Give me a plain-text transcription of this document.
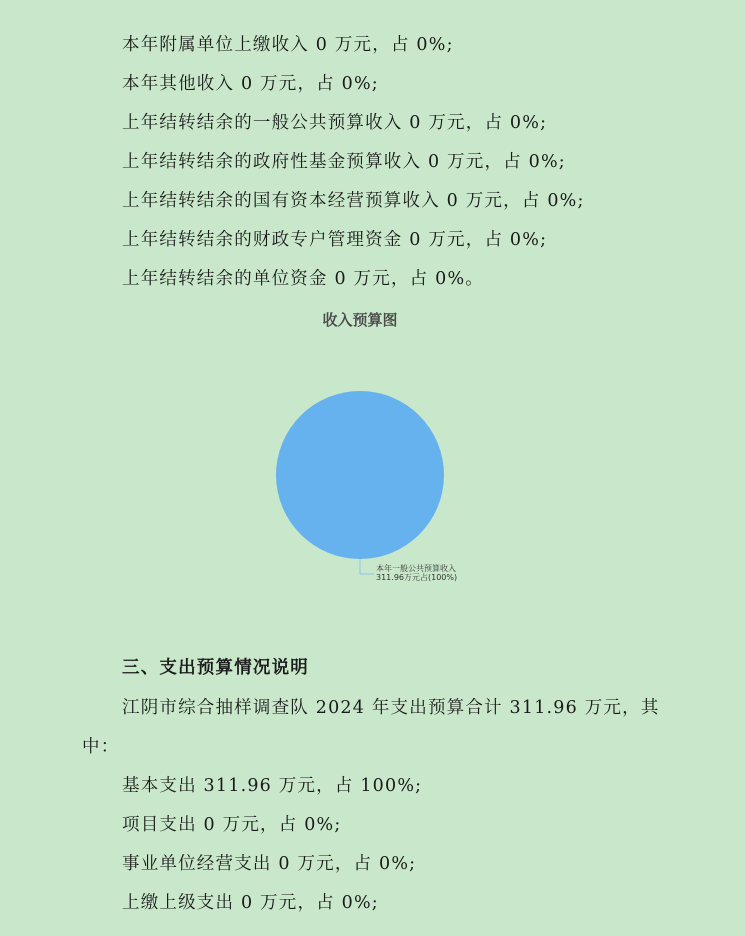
本年附属单位上缴收入 0 万元，占 0%;
本年其他收入 0 万元，占 0%;
上年结转结余的一般公共预算收入 0 万元，占 0%;
上年结转结余的政府性基金预算收入 0 万元，占 0%;
上年结转结余的国有资本经营预算收入 0 万元，占 0%;
上年结转结余的财政专户管理资金 0 万元，占 0%;
上年结转结余的单位资金 0 万元，占 0%。
收入预算图
本年一般公共预算收入
311.96万元占(100%)
三、支出预算情况说明
江阴市综合抽样调查队 2024 年支出预算合计 311.96 万元，其
中：
基本支出 311.96 万元，占 100%;
项目支出 0 万元，占 0%;
事业单位经营支出 0 万元，占 0%;
上缴上级支出 0 万元，占 0%;
